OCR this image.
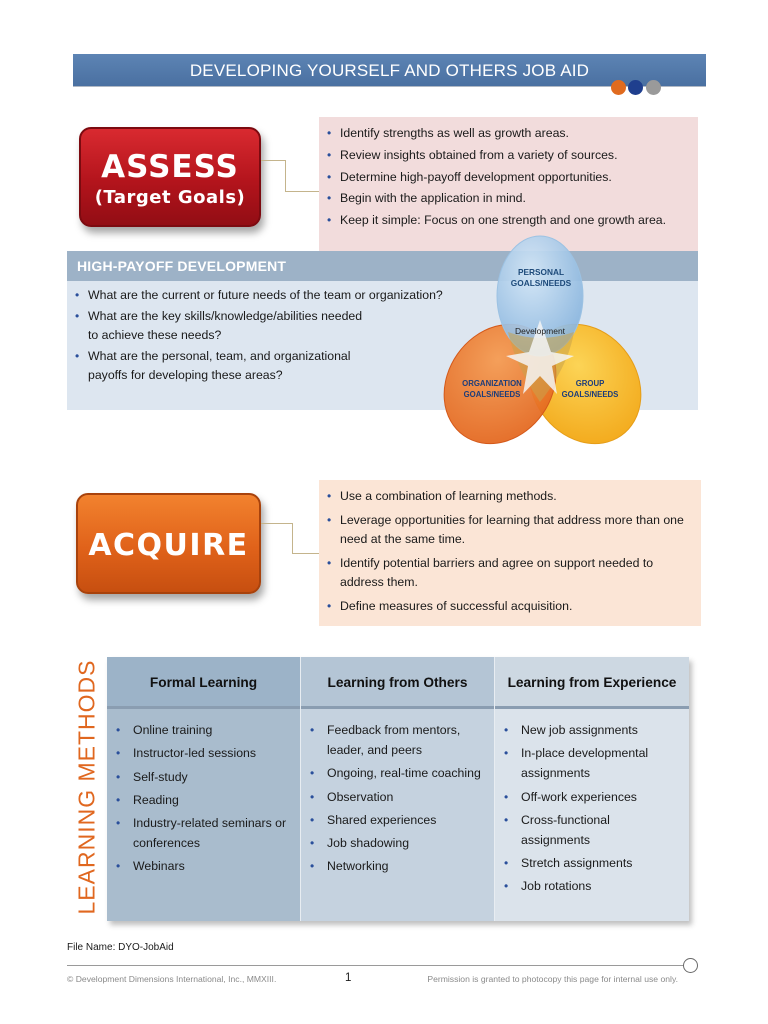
DEVELOPING YOURSELF AND OTHERS JOB AID
ASSESS
(Target Goals)
• Identify strengths as well as growth areas.
• Review insights obtained from a variety of sources.
• Determine high-payoff development opportunities.
• Begin with the application in mind.
• Keep it simple: Focus on one strength and one growth area.
HIGH-PAYOFF DEVELOPMENT
• What are the current or future needs of the team or organization?
• What are the key skills/knowledge/abilities needed to achieve these needs?
• What are the personal, team, and organizational payoffs for developing these areas?
PERSONAL
GOALS/NEEDS
Development
ORGANIZATION
GOALS/NEEDS
GROUP
GOALS/NEEDS
ACQUIRE
• Use a combination of learning methods.
• Leverage opportunities for learning that address more than one need at the same time.
• Identify potential barriers and agree on support needed to address them.
• Define measures of successful acquisition.
LEARNING METHODS	Formal Learning
• Online training
• Instructor-led sessions
• Self-study
• Reading
• Industry-related seminars or conferences
• Webinars
Learning from Others
• Feedback from mentors, leader, and peers
• Ongoing, real-time coaching
• Observation
• Shared experiences
• Job shadowing
• Networking
Learning from Experience
• New job assignments
• In-place developmental assignments
• Off-work experiences
• Cross-functional assignments
• Stretch assignments
• Job rotations
File Name: DYO-JobAid
© Development Dimensions International, Inc., MMXIII.	1	Permission is granted to photocopy this page for internal use only.
